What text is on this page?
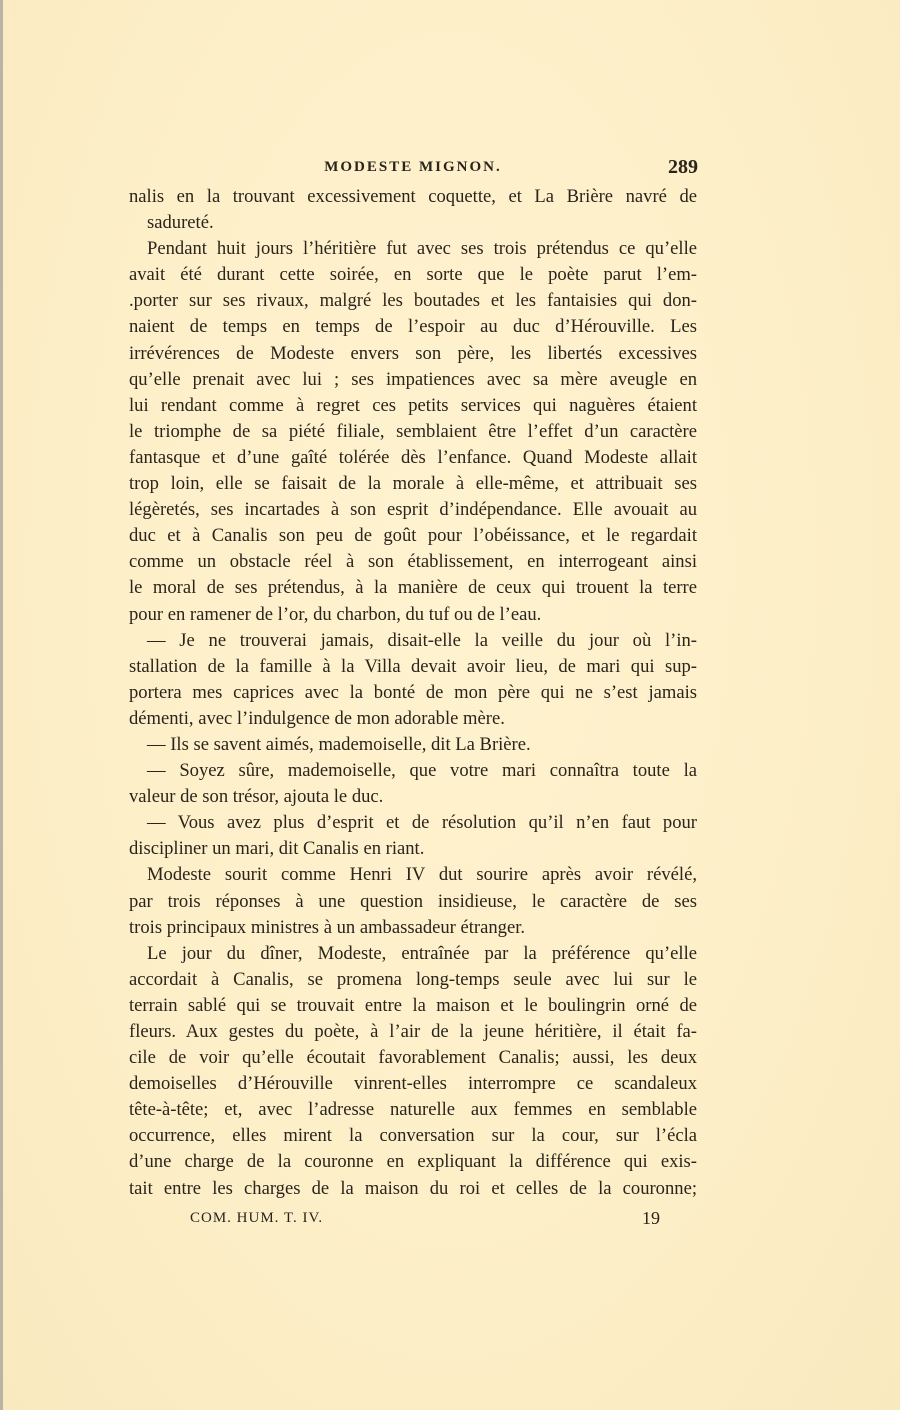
MODESTE MIGNON.	289
nalis en la trouvant excessivement coquette, et La Brière navré de
sadureté.
Pendant huit jours l’héritière fut avec ses trois prétendus ce qu’elle
avait été durant cette soirée, en sorte que le poète parut l’em-
.porter sur ses rivaux, malgré les boutades et les fantaisies qui don-
naient de temps en temps de l’espoir au duc d’Hérouville. Les
irrévérences de Modeste envers son père, les libertés excessives
qu’elle prenait avec lui ; ses impatiences avec sa mère aveugle en
lui rendant comme à regret ces petits services qui naguères étaient
le triomphe de sa piété filiale, semblaient être l’effet d’un caractère
fantasque et d’une gaîté tolérée dès l’enfance. Quand Modeste allait
trop loin, elle se faisait de la morale à elle-même, et attribuait ses
légèretés, ses incartades à son esprit d’indépendance. Elle avouait au
duc et à Canalis son peu de goût pour l’obéissance, et le regardait
comme un obstacle réel à son établissement, en interrogeant ainsi
le moral de ses prétendus, à la manière de ceux qui trouent la terre
pour en ramener de l’or, du charbon, du tuf ou de l’eau.
— Je ne trouverai jamais, disait-elle la veille du jour où l’in-
stallation de la famille à la Villa devait avoir lieu, de mari qui sup-
portera mes caprices avec la bonté de mon père qui ne s’est jamais
démenti, avec l’indulgence de mon adorable mère.
— Ils se savent aimés, mademoiselle, dit La Brière.
— Soyez sûre, mademoiselle, que votre mari connaîtra toute la
valeur de son trésor, ajouta le duc.
— Vous avez plus d’esprit et de résolution qu’il n’en faut pour
discipliner un mari, dit Canalis en riant.
Modeste sourit comme Henri IV dut sourire après avoir révélé,
par trois réponses à une question insidieuse, le caractère de ses
trois principaux ministres à un ambassadeur étranger.
Le jour du dîner, Modeste, entraînée par la préférence qu’elle
accordait à Canalis, se promena long-temps seule avec lui sur le
terrain sablé qui se trouvait entre la maison et le boulingrin orné de
fleurs. Aux gestes du poète, à l’air de la jeune héritière, il était fa-
cile de voir qu’elle écoutait favorablement Canalis; aussi, les deux
demoiselles d’Hérouville vinrent-elles interrompre ce scandaleux
tête-à-tête; et, avec l’adresse naturelle aux femmes en semblable
occurrence, elles mirent la conversation sur la cour, sur l’écla
d’une charge de la couronne en expliquant la différence qui exis-
tait entre les charges de la maison du roi et celles de la couronne;
COM. HUM. T. IV.	19
